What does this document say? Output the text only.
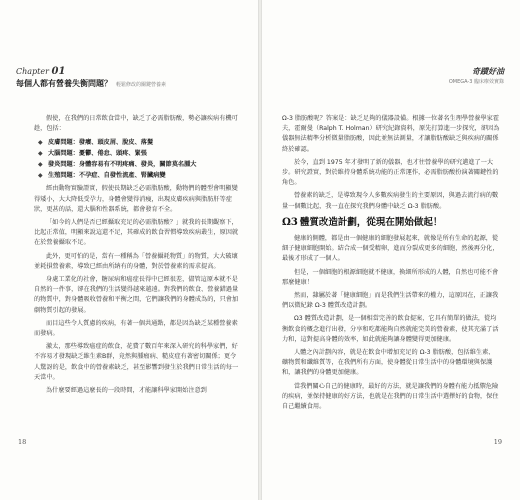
Chapter 01
每個人都有營養失衡問題？ 輕鬆修改的關鍵營養素

假使，在我們的日常飲食當中，缺乏了必需脂肪酸，勢必讓疾病有機可趁，包括：

◆ 皮膚問題：發癢、頭皮屑、脫皮、落髮
◆ 大腦問題：憂鬱、倦怠、頭疼、緊張
◆ 發炎問題：身體容易有不明疼痛、發炎，關節莫名腫大
◆ 生殖問題：不孕症、自發性流產、腎臟病變

經由動物實驗證實，假使長期缺乏必需脂肪酸，動物們的體型會明顯變得矮小，大大降低受孕力，身體會變得消瘦，出現皮膚疾病與脂肪肝等症狀，更甚的話，還大腦和性器系統，都會發育不全。

「如今的人們是否已經攝取充足的必需脂肪酸？」就我的長期觀察下，比起正常值，明顯來說這還不足，其確成的飲食習慣導致疾病叢生，原因就在於營養攝取不足。

此外，更可怕的是，當有一種稱為「營養攝耗物質」的物質，大大破壞並耗損營養素，導致已經由所納有的身體，對於營養素的需求提高。

身處工業化的社會，糖尿病和癌症長得中已經很差，儘管這原本就不是自然的一件事，卻在我們的生活變得越來越遠。對我們的飲食、營養錯過量的物質中，對身體吸收營養和平衡之間，它們讓我們的身體成為的，只會加劇物質引起的發展。

而目這些令人質慮的疾病，有著一個共通點，都是因為缺乏某種營養素而發病。

激太，那些導致癌症的飲食，花費了數百年來深入研究的科學家們，好不容易才發現缺乏維生素B群，竟然與腫瘤病、糙皮症有著密切關係；更令人驚訝的是，飲食中的營養素缺乏，甚至影響到發生於我們日常生活的每一天當中。

為什麼要經過這麼長的一段時間，才能讓科學家開始注意到

18
奇蹟好油
OMEGA-3 臨床療效實錄

Ω-3 脂肪酸呢？答案是：缺乏足夠的儀器設備。根據一位著名生理學營養學家霍夫，霍爾曼（Ralph T. Holman）研究紀錄資料，原先打算進一步探究，卻因為儀器無法精準分析微量脂肪酸，因此並無法測量，才讓脂肪酸缺乏與疾病的關係終於確認。

於今，直到 1975 年才發明了新的儀器，也才往營養學的研究邁進了一大步。研究證實，對於維持身體系統功能的正常運作，必需脂肪酸扮演著關鍵性的角色。

營養素的缺乏，是導致現今人多數疾病發生的主要原因，與過去流行病的數量一個數比起，我一直在探究我們身體中缺乏 Ω-3 脂肪酸。

Ω3 體質改造計劃，從現在開始做起！

健康的側體，都是由一個健康的細胞發展起來，就像是所有生命的起源，從細子健康細胞開始。結合成一個受精卵，進而分裂成更多的細胞，然後再分化，最後才形成了一個人。

但是，一個細胞的根源細胞就不健康，換細所形成的人體，自然也可能不會那麼健康！

然而，隸屬於著「健康細胞」而是我們生活帶來的權力，這原因在，正讓我們以微紀錄 Ω-3 體質改造計劃。

Ω3 體質改造計劃，是一個相當完善的飲食提案，它具有簡單的做法，從均衡飲食的概念進行出發，分享和吃都能夠自然就能完美的營養素，使其充滿了活力和，這對提高身體的效率，如此就能夠讓身體變得更加健康。

人體之內計劃內容，就是在飲食中增加充足的 Ω-3 脂肪酸，包括維生素、礦物質和纖維質等，在我們所有方面，使身體從日常生活中的身體環境與保護和，讓我們的身體更加健康。

當我們關心自己的健康時，最好的方法，就是讓我們的身體有能力抵禦危險的疾病，並保持健康的好方法，也就是在我們的日常生活中選擇好的食物，保住自己繼續食用。

19
